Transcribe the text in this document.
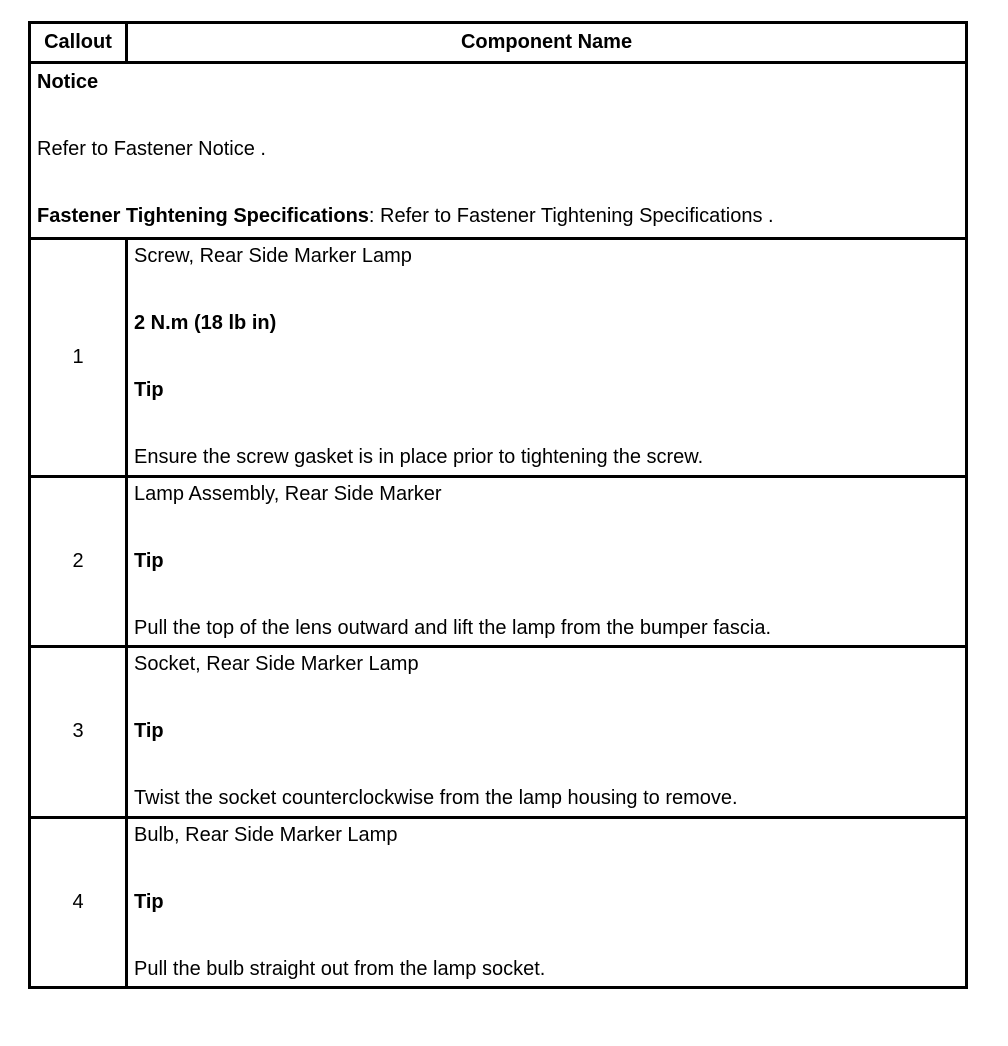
Callout	Component Name

Notice
Refer to Fastener Notice .
Fastener Tightening Specifications: Refer to Fastener Tightening Specifications .	

1	Screw, Rear Side Marker Lamp
2 N.m (18 lb in)
Tip
Ensure the screw gasket is in place prior to tightening the screw.

2	Lamp Assembly, Rear Side Marker
Tip
Pull the top of the lens outward and lift the lamp from the bumper fascia.

3	Socket, Rear Side Marker Lamp
Tip
Twist the socket counterclockwise from the lamp housing to remove.

4	Bulb, Rear Side Marker Lamp
Tip
Pull the bulb straight out from the lamp socket.
